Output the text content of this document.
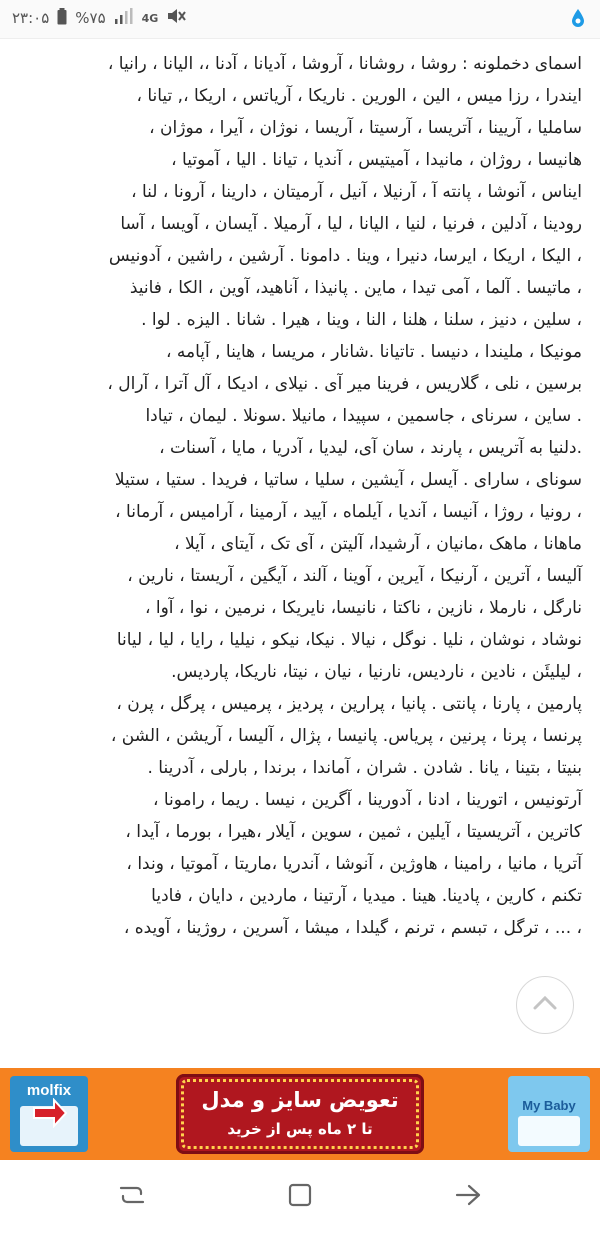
۲۳:۰۵ %۷۵	4G

اسمای دخملونه : روشا ، روشانا ، آروشا ، آدیانا ، آدنا ،، الیانا ، رانیا ،
ایندرا ، رزا میس ، الین ، الورین . ناریکا ، آریاتس ، اریکا ،, تیانا ،
ساملیا ، آریینا ، آتریسا ، آرسیتا ، آریسا ، نوژان ، آیرا ، موژان ،
هانیسا ، روژان ، مانیدا ، آمیتیس ، آندیا ، تیانا . الیا ، آموتیا ،
ایناس ، آنوشا ، پانته آ ، آرنیلا ، آنیل ، آرمیتان ، دارینا ، آرونا ، لنا ،
رودینا ، آدلین ، فرنیا ، لنیا ، الیانا ، لیا ، آرمیلا . آیسان ، آویسا ، آسا
، الیکا ، اریکا ، ایرسا، دنیرا ، وینا . دامونا . آرشین ، راشین ، آدونیس
، ماتیسا . آلما ، آمی تیدا ، ماین . پانیذا ، آناهید، آوین ، الکا ، فانیذ
، سلین ، دنیز ، سلنا ، هلنا ، النا ، وینا ، هیرا . شانا . الیزه . لوا .
مونیکا ، ملیندا ، دنیسا . تاتیانا .شانار ، مریسا ، هاینا , آپامه ،
برسین ، نلی ، گلاریس ، فرینا میر آی . نیلای ، ادیکا ، آل آترا ، آرال ،
. ساین ، سرنای ، جاسمین ، سپیدا ، مانیلا .سونلا . لیمان ، تیادا
.دلنیا به آتریس ، پارند ، سان آی، لیدیا ، آدریا ، مایا ، آسنات ،
سونای ، سارای . آیسل ، آیشین ، سلیا ، ساتیا ، فریدا . ستیا ، ستیلا
، رونیا ، روژا ، آنیسا ، آندیا ، آیلماه ، آیید ، آرمینا ، آرامیس ، آرمانا ،
ماهانا ، ماهک ،مانیان ، آرشیدا، آلیتن ، آی تک ، آیتای ، آیلا ،
آلیسا ، آترین ، آرنیکا ، آیرین ، آوینا ، آلند ، آیگین ، آریستا ، نارین ،
نارگل ، نارملا ، نازین ، ناکتا ، نانیسا، نایریکا ، نرمین ، نوا ، آوا ،
نوشاد ، نوشان ، نلیا . نوگل ، نیالا . نیکا، نیکو ، نیلیا ، رایا ، لیا ، لیانا
، لیلیئَن ، نادین ، ناردیس، نارنیا ، نیان ، نیتا، ناریکا، پاردیس.
پارمین ، پارنا ، پانتی . پانیا ، پرارین ، پردیز ، پرمیس ، پرگل ، پرن ،
پرنسا ، پرنا ، پرنین ، پریاس. پانیسا ، پژال ، آلیسا ، آریشن ، الشن ،
بنیتا ، بتینا ، یانا . شادن . شران ، آماندا ، برندا , بارلی ، آدرینا .
آرتونیس ، اتورینا ، ادنا ، آدورینا ، آگرین ، نیسا . ریما ، رامونا ،
کاترین ، آتریسیتا ، آیلین ، ثمین ، سوین ، آیلار ،هیرا ، بورما ، آیدا ،
آتریا ، مانیا ، رامینا ، هاوژین ، آنوشا ، آندریا ،ماریتا ، آموتیا ، وندا ،
تکنم ، کارین ، پادینا. هینا . میدیا ، آرتینا ، ماردین ، دایان ، فادیا
، ... ، ترگل ، تبسم ، ترنم ، گیلدا ، میشا ، آسرین ، روژینا ، آویده ،

molfix	تعویض سایز و مدل
تا ۲ ماه پس از خرید
My Baby
